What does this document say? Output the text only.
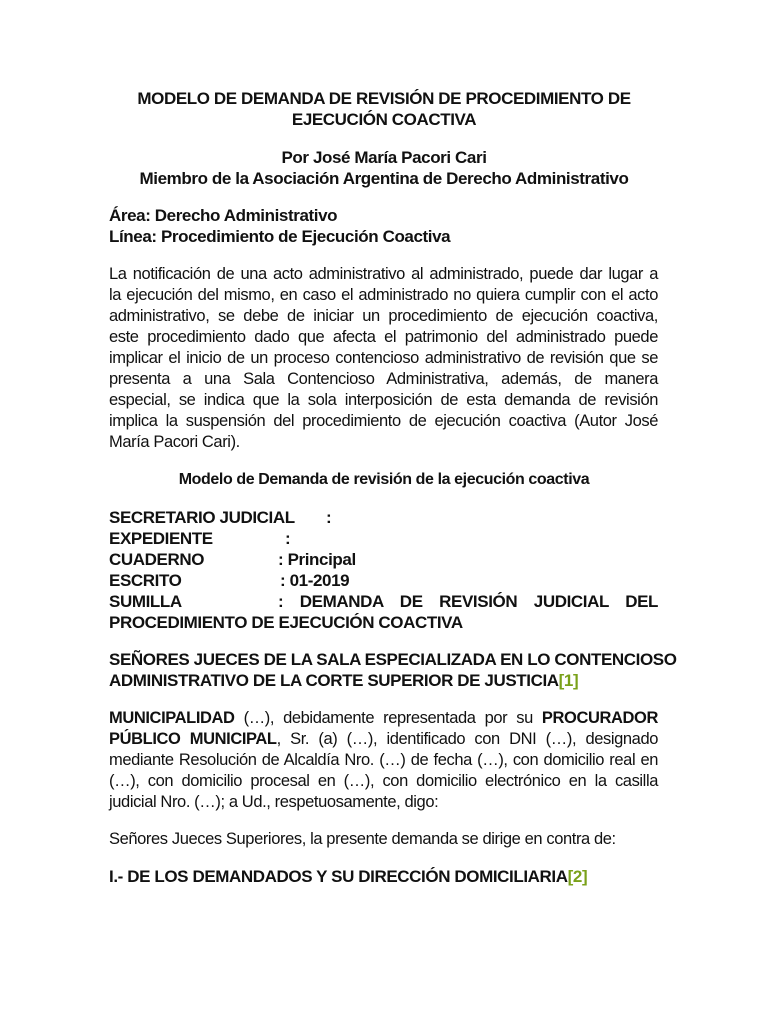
MODELO DE DEMANDA DE REVISIÓN DE PROCEDIMIENTO DE
EJECUCIÓN COACTIVA
Por José María Pacori Cari
Miembro de la Asociación Argentina de Derecho Administrativo
Área: Derecho Administrativo
Línea: Procedimiento de Ejecución Coactiva
La notificación de una acto administrativo al administrado, puede dar lugar a
la ejecución del mismo, en caso el administrado no quiera cumplir con el acto
administrativo, se debe de iniciar un procedimiento de ejecución coactiva,
este procedimiento dado que afecta el patrimonio del administrado puede
implicar el inicio de un proceso contencioso administrativo de revisión que se
presenta a una Sala Contencioso Administrativa, además, de manera
especial, se indica que la sola interposición de esta demanda de revisión
implica la suspensión del procedimiento de ejecución coactiva (Autor José
María Pacori Cari).
Modelo de Demanda de revisión de la ejecución coactiva
SECRETARIO JUDICIAL :
EXPEDIENTE	:
CUADERNO	: Principal
ESCRITO	: 01-2019
SUMILLA	: DEMANDA DE REVISIÓN JUDICIAL DEL
PROCEDIMIENTO DE EJECUCIÓN COACTIVA
SEÑORES JUECES DE LA SALA ESPECIALIZADA EN LO CONTENCIOSO
ADMINISTRATIVO DE LA CORTE SUPERIOR DE JUSTICIA[1]
MUNICIPALIDAD (…), debidamente representada por su PROCURADOR
PÚBLICO MUNICIPAL, Sr. (a) (…), identificado con DNI (…), designado
mediante Resolución de Alcaldía Nro. (…) de fecha (…), con domicilio real en
(…), con domicilio procesal en (…), con domicilio electrónico en la casilla
judicial Nro. (…); a Ud., respetuosamente, digo:
Señores Jueces Superiores, la presente demanda se dirige en contra de:
I.- DE LOS DEMANDADOS Y SU DIRECCIÓN DOMICILIARIA[2]
